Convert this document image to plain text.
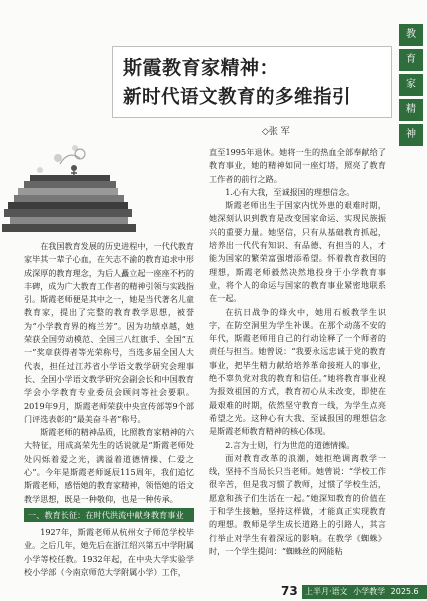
教
育
家
精
神
斯霞教育家精神：
新时代语文教育的多维指引
◇张 军

在我国教育发展的历史进程中，一代代教育家毕其一辈子心血，在矢志不渝的教育追求中形成深厚的教育理念，为后人矗立起一座座不朽的丰碑，成为广大教育工作者的精神引领与实践指引。斯霞老师便是其中之一，她是当代著名儿童教育家，提出了完整的教育教学思想，被誉为“小学教育界的梅兰芳”。因为功绩卓越，她荣获全国劳动模范、全国三八红旗手、全国“五一”奖章获得者等光荣称号，当选多届全国人大代表，担任过江苏省小学语文教学研究会理事长、全国小学语文教学研究会副会长和中国教育学会小学教育专业委员会顾问等社会要职。2019年9月，斯霞老师荣获中央宣传部等9个部门评选表彰的“最美奋斗者”称号。

斯霞老师的精神品质，比照教育家精神的六大特征，用成高荣先生的话说就是“斯霞老师处处闪烁着爱之光，满溢着道德情操、仁爱之心”。今年是斯霞老师诞辰115周年，我们追忆斯霞老师，感悟她的教育家精神，领悟她的语文教学思想，既是一种敬仰，也是一种传承。

一、教育长征：在时代洪流中献身教育事业

1927年，斯霞老师从杭州女子师范学校毕业。之后几年，她先后在浙江绍兴第五中学附属小学等校任教。1932年起，在中央大学实验学校小学部（今南京师范大学附属小学）工作，

直至1995年退休。她将一生的热血全部奉献给了教育事业，她的精神如同一座灯塔，照亮了教育工作者的前行之路。

1.心有大我，至诚报国的理想信念。

斯霞老师出生于国家内忧外患的艰难时期，她深刻认识到教育是改变国家命运、实现民族振兴的重要力量。她坚信，只有从基础教育抓起，培养出一代代有知识、有品德、有担当的人，才能为国家的繁荣富强增添希望。怀着教育救国的理想，斯霞老师毅然决然地投身于小学教育事业，将个人的命运与国家的教育事业紧密地联系在一起。

在抗日战争的烽火中，她用石板教学生识字，在防空洞里为学生补课。在那个动荡不安的年代，斯霞老师用自己的行动诠释了一个师者的责任与担当。她曾说：“我要永远忠诚于党的教育事业，把毕生精力献给培养革命接班人的事业，绝不辜负党对我的教育和信任。”她将教育事业视为报效祖国的方式，教育初心从未改变，即使在最艰难的时期，依然坚守教育一线，为学生点亮希望之光。这种心有大我、至诚报国的理想信念是斯霞老师教育精神的核心体现。

2.言为士则，行为世范的道德情操。

面对教育改革的浪潮，她拒绝调离教学一线，坚持不当局长只当老师。她曾说：“学校工作很辛苦，但是我习惯了教师，过惯了学校生活，愿意和孩子们生活在一起。”她深知教育的价值在于和学生接触，坚持这样做，才能真正实现教育的理想。教师是学生成长道路上的引路人，其言行举止对学生有着深远的影响。在教学《蜘蛛》时，一个学生提问：“蜘蛛丝的网能粘

73 上半月·语文 小学教学 2025.6
